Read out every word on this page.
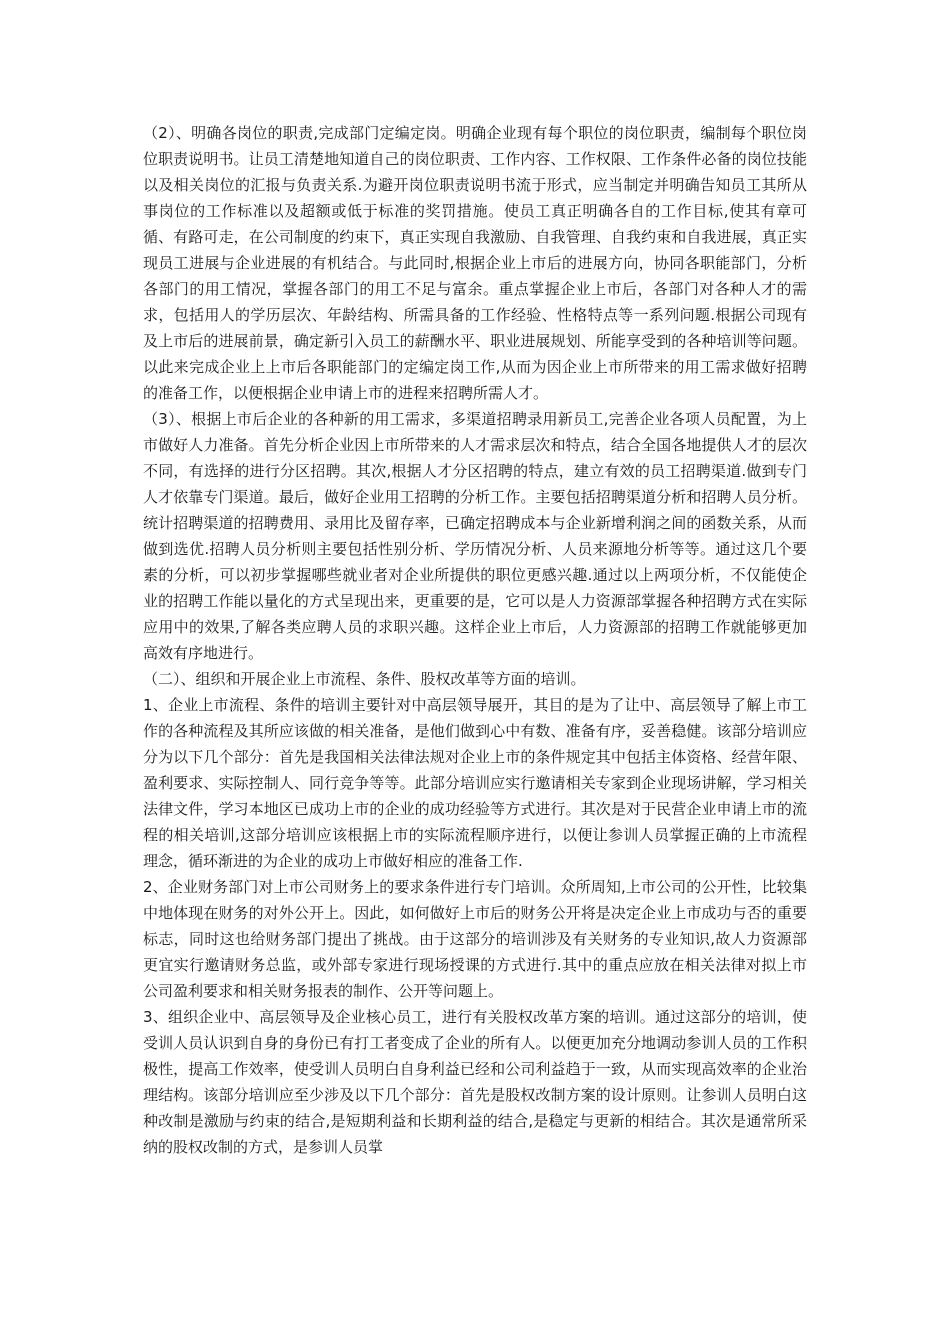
（2）、明确各岗位的职责,完成部门定编定岗。明确企业现有每个职位的岗位职责，编制每个职位岗位职责说明书。让员工清楚地知道自己的岗位职责、工作内容、工作权限、工作条件必备的岗位技能以及相关岗位的汇报与负责关系.为避开岗位职责说明书流于形式，应当制定并明确告知员工其所从事岗位的工作标准以及超额或低于标准的奖罚措施。使员工真正明确各自的工作目标,使其有章可循、有路可走，在公司制度的约束下，真正实现自我激励、自我管理、自我约束和自我进展，真正实现员工进展与企业进展的有机结合。与此同时,根据企业上市后的进展方向，协同各职能部门，分析各部门的用工情况，掌握各部门的用工不足与富余。重点掌握企业上市后，各部门对各种人才的需求，包括用人的学历层次、年龄结构、所需具备的工作经验、性格特点等一系列问题.根据公司现有及上市后的进展前景，确定新引入员工的薪酬水平、职业进展规划、所能享受到的各种培训等问题。以此来完成企业上上市后各职能部门的定编定岗工作,从而为因企业上市所带来的用工需求做好招聘的准备工作，以便根据企业申请上市的进程来招聘所需人才。

（3）、根据上市后企业的各种新的用工需求，多渠道招聘录用新员工,完善企业各项人员配置，为上市做好人力准备。首先分析企业因上市所带来的人才需求层次和特点，结合全国各地提供人才的层次不同，有选择的进行分区招聘。其次,根据人才分区招聘的特点，建立有效的员工招聘渠道.做到专门人才依靠专门渠道。最后，做好企业用工招聘的分析工作。主要包括招聘渠道分析和招聘人员分析。统计招聘渠道的招聘费用、录用比及留存率，已确定招聘成本与企业新增利润之间的函数关系，从而做到选优.招聘人员分析则主要包括性别分析、学历情况分析、人员来源地分析等等。通过这几个要素的分析，可以初步掌握哪些就业者对企业所提供的职位更感兴趣.通过以上两项分析，不仅能使企业的招聘工作能以量化的方式呈现出来，更重要的是，它可以是人力资源部掌握各种招聘方式在实际应用中的效果,了解各类应聘人员的求职兴趣。这样企业上市后，人力资源部的招聘工作就能够更加高效有序地进行。

（二）、组织和开展企业上市流程、条件、股权改革等方面的培训。

1、企业上市流程、条件的培训主要针对中高层领导展开，其目的是为了让中、高层领导了解上市工作的各种流程及其所应该做的相关准备，是他们做到心中有数、准备有序，妥善稳健。该部分培训应分为以下几个部分：首先是我国相关法律法规对企业上市的条件规定其中包括主体资格、经营年限、盈利要求、实际控制人、同行竞争等等。此部分培训应实行邀请相关专家到企业现场讲解，学习相关法律文件，学习本地区已成功上市的企业的成功经验等方式进行。其次是对于民营企业申请上市的流程的相关培训,这部分培训应该根据上市的实际流程顺序进行，以便让参训人员掌握正确的上市流程理念，循环渐进的为企业的成功上市做好相应的准备工作.

2、企业财务部门对上市公司财务上的要求条件进行专门培训。众所周知,上市公司的公开性，比较集中地体现在财务的对外公开上。因此，如何做好上市后的财务公开将是决定企业上市成功与否的重要标志，同时这也给财务部门提出了挑战。由于这部分的培训涉及有关财务的专业知识,故人力资源部更宜实行邀请财务总监，或外部专家进行现场授课的方式进行.其中的重点应放在相关法律对拟上市公司盈利要求和相关财务报表的制作、公开等问题上。

3、组织企业中、高层领导及企业核心员工，进行有关股权改革方案的培训。通过这部分的培训，使受训人员认识到自身的身份已有打工者变成了企业的所有人。以便更加充分地调动参训人员的工作积极性，提高工作效率，使受训人员明白自身利益已经和公司利益趋于一致，从而实现高效率的企业治理结构。该部分培训应至少涉及以下几个部分：首先是股权改制方案的设计原则。让参训人员明白这种改制是激励与约束的结合,是短期利益和长期利益的结合,是稳定与更新的相结合。其次是通常所采纳的股权改制的方式，是参训人员掌
